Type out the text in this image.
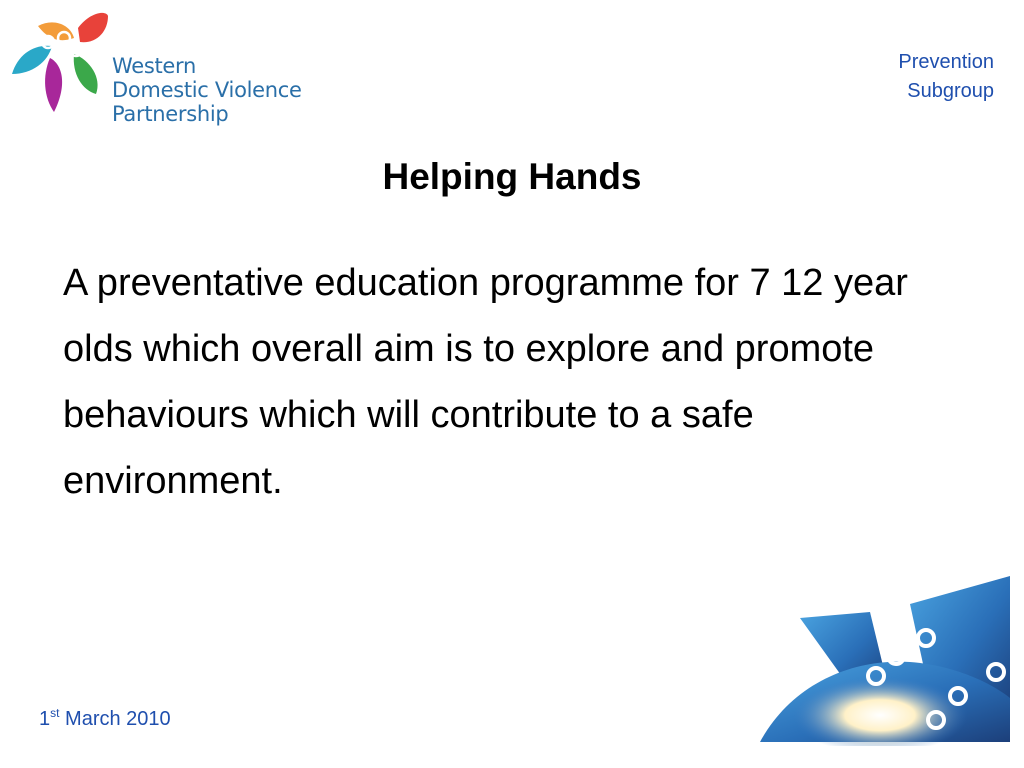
Western
Domestic Violence
Partnership
Prevention
Subgroup
Helping Hands
A preventative education programme for 7 12 year olds which overall aim is to explore and promote behaviours which will contribute to a safe environment.
1st March 2010
